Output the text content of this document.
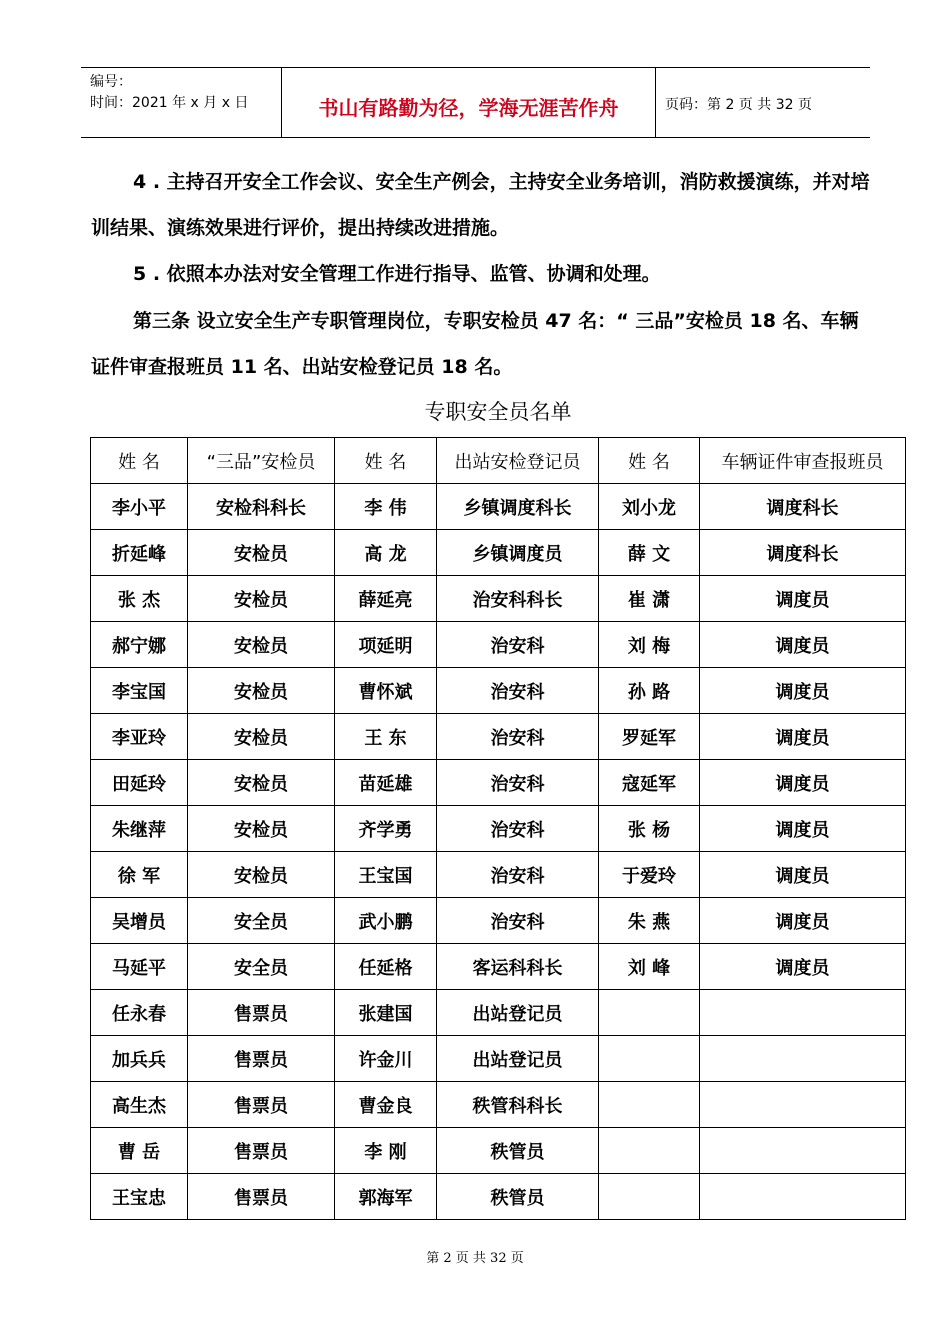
编号：
时间：2021 年 x 月 x 日	书山有路勤为径，学海无涯苦作舟	页码：第 2 页 共 32 页
4 . 主持召开安全工作会议、安全生产例会，主持安全业务培训，消防救援演练，并对培训结果、演练效果进行评价，提出持续改进措施。
5 . 依照本办法对安全管理工作进行指导、监管、协调和处理。
第三条 设立安全生产专职管理岗位，专职安检员 47 名：“ 三品”安检员 18 名、车辆证件审查报班员 11 名、出站安检登记员 18 名。
专职安全员名单
姓 名	“三品”安检员	姓 名	出站安检登记员	姓 名	车辆证件审查报班员
李小平	安检科科长	李 伟	乡镇调度科长	刘小龙	调度科长
折延峰	安检员	高 龙	乡镇调度员	薛 文	调度科长
张 杰	安检员	薛延亮	治安科科长	崔 潇	调度员
郝宁娜	安检员	项延明	治安科	刘 梅	调度员
李宝国	安检员	曹怀斌	治安科	孙 路	调度员
李亚玲	安检员	王 东	治安科	罗延军	调度员
田延玲	安检员	苗延雄	治安科	寇延军	调度员
朱继萍	安检员	齐学勇	治安科	张 杨	调度员
徐 军	安检员	王宝国	治安科	于爱玲	调度员
吴增员	安全员	武小鹏	治安科	朱 燕	调度员
马延平	安全员	任延格	客运科科长	刘 峰	调度员
任永春	售票员	张建国	出站登记员		
加兵兵	售票员	许金川	出站登记员		
高生杰	售票员	曹金良	秩管科科长		
曹 岳	售票员	李 刚	秩管员		
王宝忠	售票员	郭海军	秩管员		
第 2 页 共 32 页
